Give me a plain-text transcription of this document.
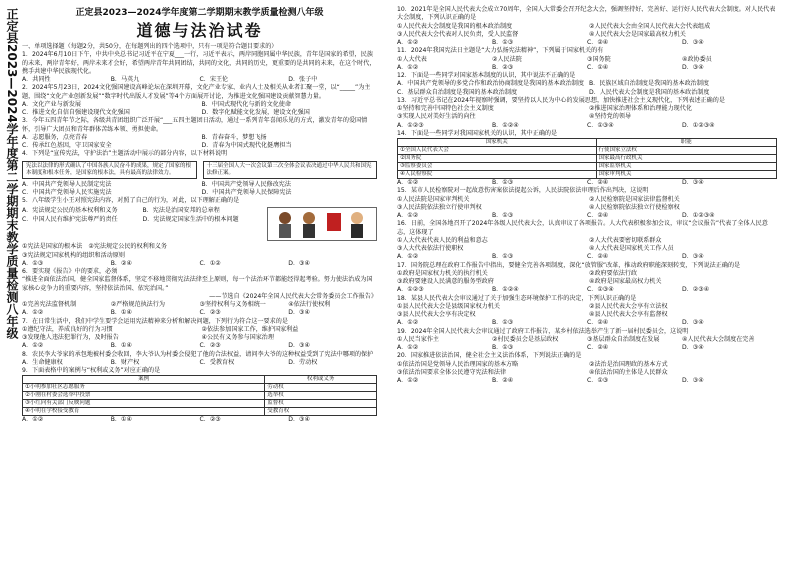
正定县2023—2024学年度第二学期期末教学质量检测八年级	正定县2023—2024学年度第二学期期末教学质量检测八年级
道德与法治试卷

一、单项选择题（每题2分，共50分，在每题列出的四个选项中，只有一项是符合题目要求的）

1．2024年6月10日下午，中共中央总书记习近平在宁夏___一行，习近平表示，两岸同胞同属中华民族，青年是国家的希望，民族的未来，两岸青年好，两岸未来才会好，希望两岸青年共同团结，共同的文化，共同的历史，更重要的是共同的未来，在这个时代，携手共建中华民族现代化。

A．共同性	B．马英九	C．宋王伦	D．张子中

2．2024年5月23日，2024文化强国建设高峰论坛在深圳开幕，文化产业专家、业内人士及相关从业者汇聚一堂，以“_____”为主题，围绕“文化产业创新发展”“数字时代出版人才发展”等4个方面展开讨论，为推进文化强国建设贡献智慧力量。

A．文化产业与新发展	B．中国式现代化与新的文化使命
C．推进文化自信自强建设现代文化强国	D．数字化赋能文化发展，建设文化强国

3．今年五四青年节之际，各级共青团组织广泛开展“___五四主题团日活动，通过一系列青年喜闻乐见的方式，激发青年的爱国情怀，引导广大团员和青年群体苦练本领、勇担使命。

A．志愿服务，点亮青春	B．青春奋斗，梦想飞扬
C．传承红色基因，守卫国家安全	D．青春为中国式现代化挺膺担当

4．下列是“宣传宪法，守护法治”主题活动中展示的部分内容，以下材料说明

宪法以法律的形式确认了中国各族人民奋斗的成果，规定了国家的根本制度和根本任务，是国家的根本法，具有最高的法律效力。
十三届全国人大一次会议第三次全体会议表决通过中华人民共和国宪法修正案。
A．中国共产党领导人民制定宪法	B．中国共产党领导人民修改宪法
C．中国共产党领导人民实施宪法	D．中国共产党领导人民保障宪法

5．八年级学生小王对照宪法内容，对照了自己的行为，对此，以下理解正确的是

A．宪法规定公民的基本权利和义务	B．宪法是治国安邦的总章程
C．中国人民有维护宪法尊严的责任	D．宪法规定国家生活中的根本问题

①宪法是国家的根本法　②宪法规定公民的权利和义务

③宪法规定国家机构的组织和活动原则

A．①③	B．②④	C．①②	D．③④

6．要实现《报告》中的要求，必须

“推进全面依法治国，健全国家监督体系，坚定不移地贯彻宪法法律至上原则，每一个法治环节都能经得起考验。努力使法治成为国家核心竞争力的重要内容，坚持依法治国、依宪治国。”

——节选自《2024年全国人民代表大会常务委员会工作报告》

①完善宪法监督机制	②严格规范执法行为	③坚持权利与义务相统一	④依法行使权利
A．①②	B．①④	C．②③	D．③④

7．在日常生活中，我们中学生要学会运用宪法精神来分析和解决问题，下列行为符合这一要求的是

①遵纪守法，养成良好的行为习惯	②依法参加国家工作，维护国家利益
③发现他人违法犯罪行为，及时报告	④公民有义务参与国家治理
A．①②	B．①④	C．②③	D．③④

8．农民李大爷家的承包地被村委会收回，李大爷认为村委会侵犯了他的合法权益，请问李大爷的这种权益受到了宪法中哪项的保护

A．生命健康权	B．财产权	C．受教育权	D．劳动权

9．下面表格中的案例与“权利或义务”对应正确的是

案例	权利或义务
①小明参加社区志愿服务	劳动权
②小刚在村委会选举中投票	选举权
③小红向有关部门反映问题	监督权
④小明在学校接受教育	受教育权
A．①②	B．①④	C．②③	D．③④

10．2021年是全国人民代表大会成立70周年，全国人大常委会召开纪念大会，强调坚持好、完善好、运行好人民代表大会制度。对人民代表大会制度，下列认识正确的是

①人民代表大会制度是我国的根本政治制度	②人民代表大会由全国人民代表大会代表组成
③人民代表大会代表对人民负责，受人民监督	④人民代表大会是国家最高权力机关
A．①②	B．①③	C．②④	D．③④

11．2024年我国宪法日主题是“大力弘扬宪法精神”，下列属于国家机关的有

①人大代表	②人民法院	③国务院	④政协委员
A．①②	B．②③	C．①④	D．③④

12．下面是一些同学对国家基本制度的认识，其中说法不正确的是

A．中国共产党领导的多党合作和政治协商制度是我国的基本政治制度 B．民族区域自治制度是我国的基本政治制度
C．基层群众自治制度是我国的基本政治制度	D．人民代表大会制度是我国的基本政治制度

13．习近平总书记在2024年视察时强调，要坚持以人民为中心的发展思想，加快推进社会主义现代化，下列表述正确的是

①坚持和完善中国特色社会主义制度	②推进国家治理体系和治理能力现代化
③实现人民对美好生活的向往	④坚持党的领导
A．①②③	B．①②④	C．①③④	D．①②③④

14．下面是一些同学对我国国家机关的认识，其中正确的是

国家机关	职能
①全国人民代表大会	行使国家立法权
②国务院	国家最高行政机关
③监察委员会	国家监察机关
④人民检察院	国家审判机关
A．①②	B．①③	C．②④	D．③④

15．某市人民检察院对一起故意伤害案依法提起公诉，人民法院依法审理后作出判决，这说明

①人民法院是国家审判机关	②人民检察院是国家法律监督机关
③人民法院依法独立行使审判权	④人民检察院依法独立行使检察权
A．①②	B．①③	C．②④	D．①②③④

16．日前，全国各地召开了2024年各级人民代表大会，认真审议了各项报告。人大代表积极参加会议，审议“会议报告”代表了全体人民意志，这体现了

①人大代表代表人民的利益和意志	②人大代表要密切联系群众
③人大代表依法行使职权	④人大代表是国家机关工作人员
A．①②	B．①③	C．②④	D．③④

17．国务院总理在政府工作报告中指出，要健全完善各项制度，深化“放管服”改革，推动政府职能深刻转变，下列说法正确的是

①政府是国家权力机关的执行机关	②政府要依法行政
③政府要建设人民满意的服务型政府	④政府是国家最高权力机关
A．①②③	B．①②④	C．①③④	D．②③④

18．某县人民代表大会审议通过了关于加强生态环境保护工作的决定，下列认识正确的是

①县人民代表大会是县级国家权力机关	②县人民代表大会享有立法权
③县人民代表大会享有决定权	④县人民代表大会享有监督权
A．①②	B．①③	C．②④	D．③④

19．2024年全国人民代表大会审议通过了政府工作报告，某乡村依法选举产生了新一届村民委员会，这说明

①人民当家作主	②村民委员会是基层政权	③基层群众自治制度在发展	④人民代表大会制度在完善
A．①②	B．①③	C．②④	D．③④

20．国家推进依法治国，健全社会主义法治体系，下列说法正确的是

①依法治国是党领导人民治理国家的基本方略	②法治是治国理政的基本方式
③依法治国要求全体公民遵守宪法和法律	④依法治国的主体是人民群众
A．①②	B．②④	C．①③	D．③④
